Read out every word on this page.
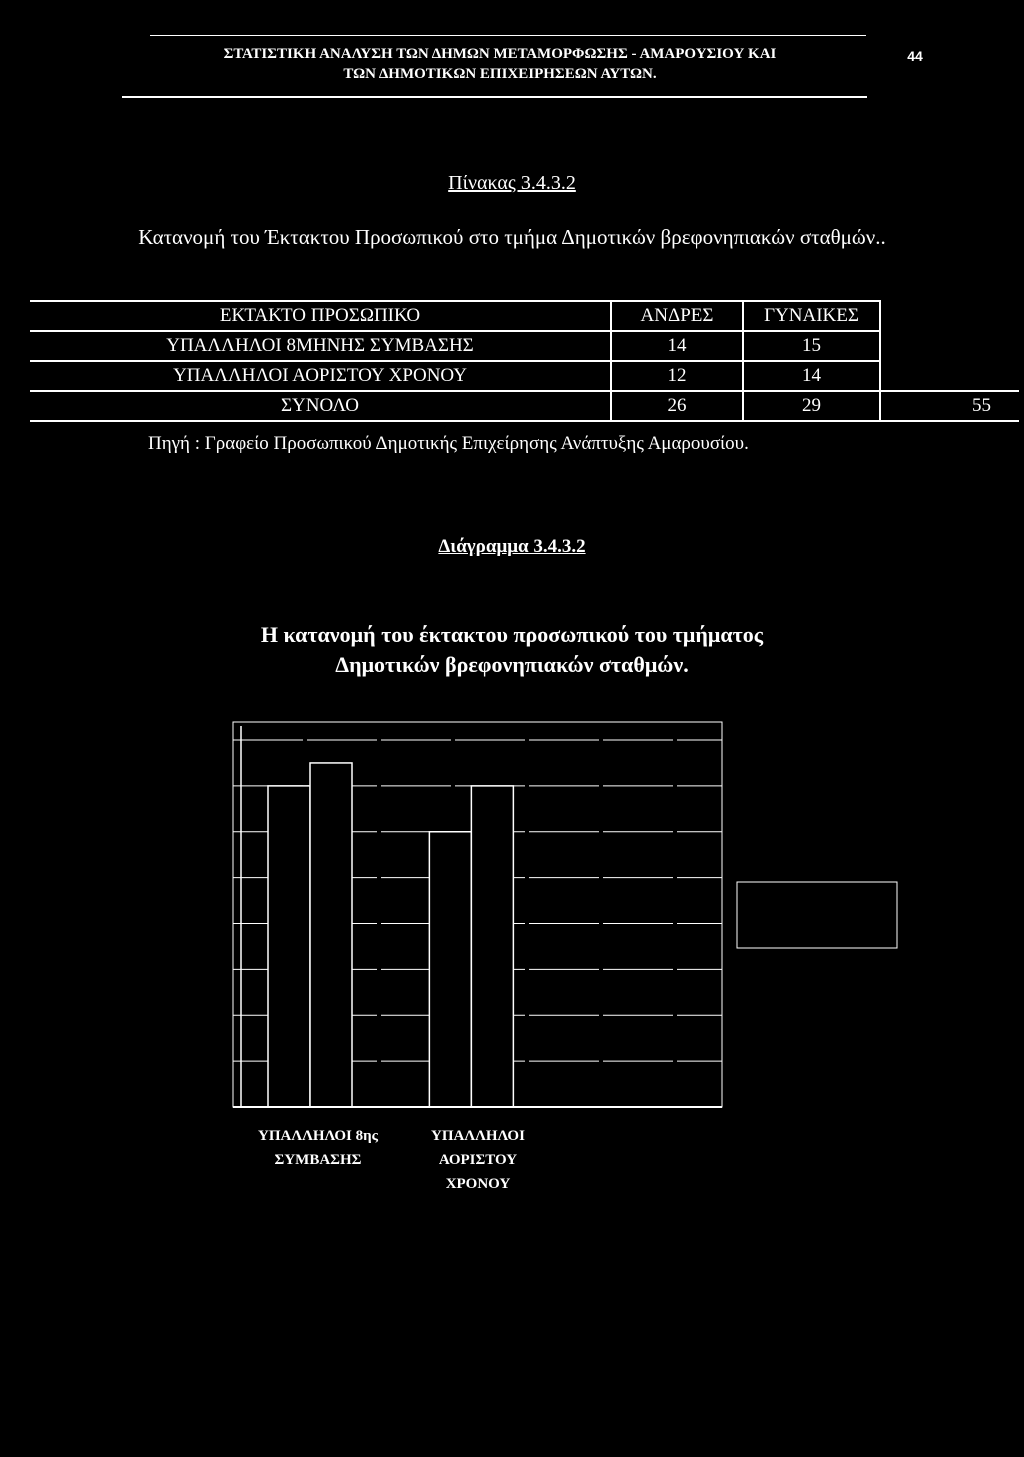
ΣΤΑΤΙΣΤΙΚΗ ΑΝΑΛΥΣΗ ΤΩΝ ΔΗΜΩΝ ΜΕΤΑΜΟΡΦΩΣΗΣ - ΑΜΑΡΟΥΣΙΟΥ ΚΑΙ
ΤΩΝ ΔΗΜΟΤΙΚΩΝ ΕΠΙΧΕΙΡΗΣΕΩΝ ΑΥΤΩΝ.
44
Πίνακας 3.4.3.2
Κατανομή του Έκτακτου Προσωπικού στο τμήμα Δημοτικών βρεφονηπιακών σταθμών..
ΕΚΤΑΚΤΟ ΠΡΟΣΩΠΙΚΟ	ΑΝΔΡΕΣ	ΓΥΝΑΙΚΕΣ	
ΥΠΑΛΛΗΛΟΙ 8ΜΗΝΗΣ ΣΥΜΒΑΣΗΣ	14	15	
ΥΠΑΛΛΗΛΟΙ ΑΟΡΙΣΤΟΥ ΧΡΟΝΟΥ	12	14	
ΣΥΝΟΛΟ	26	29	55
Πηγή : Γραφείο Προσωπικού Δημοτικής Επιχείρησης Ανάπτυξης Αμαρουσίου.
Διάγραμμα 3.4.3.2
Η κατανομή του έκτακτου προσωπικού του τμήματος
Δημοτικών βρεφονηπιακών σταθμών.
ΥΠΑΛΛΗΛΟΙ 8ης
ΣΥΜΒΑΣΗΣ
ΥΠΑΛΛΗΛΟΙ
ΑΟΡΙΣΤΟΥ
ΧΡΟΝΟΥ
